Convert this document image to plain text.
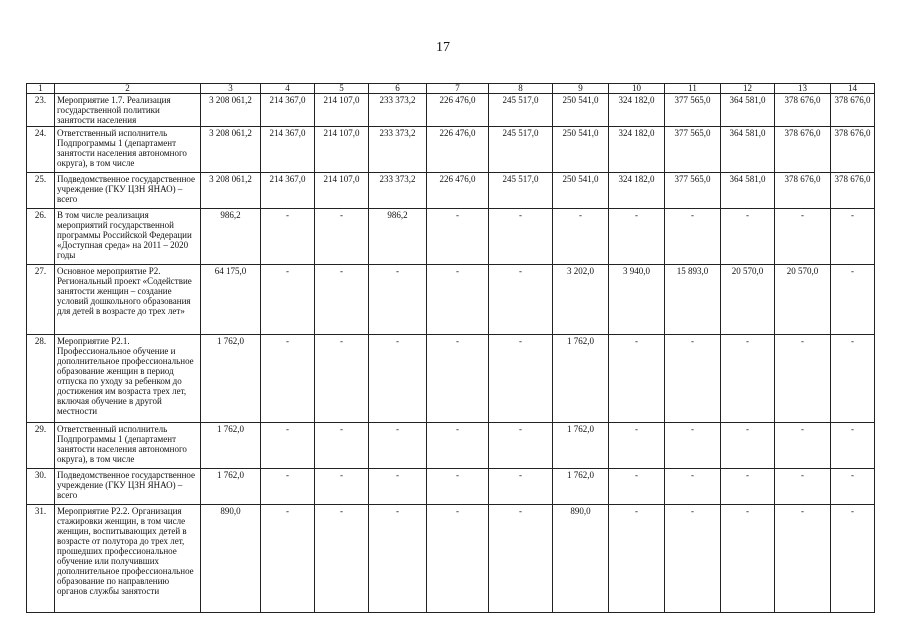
17
1	2	3	4	5	6	7	8	9	10	11	12	13	14
23.	Мероприятие 1.7. Реализация государственной политики занятости населения	3 208 061,2	214 367,0	214 107,0	233 373,2	226 476,0	245 517,0	250 541,0	324 182,0	377 565,0	364 581,0	378 676,0	378 676,0
24.	Ответственный исполнитель Подпрограммы 1 (департамент занятости населения автономного округа), в том числе	3 208 061,2	214 367,0	214 107,0	233 373,2	226 476,0	245 517,0	250 541,0	324 182,0	377 565,0	364 581,0	378 676,0	378 676,0
25.	Подведомственное государственное учреждение (ГКУ ЦЗН ЯНАО) – всего	3 208 061,2	214 367,0	214 107,0	233 373,2	226 476,0	245 517,0	250 541,0	324 182,0	377 565,0	364 581,0	378 676,0	378 676,0
26.	В том числе реализация мероприятий государственной программы Российской Федерации «Доступная среда» на 2011 – 2020 годы	986,2	-	-	986,2	-	-	-	-	-	-	-	-
27.	Основное мероприятие Р2. Региональный проект «Содействие занятости женщин – создание условий дошкольного образования для детей в возрасте до трех лет»	64 175,0	-	-	-	-	-	3 202,0	3 940,0	15 893,0	20 570,0	20 570,0	-
28.	Мероприятие Р2.1. Профессиональное обучение и дополнительное профессиональное образование женщин в период отпуска по уходу за ребенком до достижения им возраста трех лет, включая обучение в другой местности	1 762,0	-	-	-	-	-	1 762,0	-	-	-	-	-
29.	Ответственный исполнитель Подпрограммы 1 (департамент занятости населения автономного округа), в том числе	1 762,0	-	-	-	-	-	1 762,0	-	-	-	-	-
30.	Подведомственное государственное учреждение (ГКУ ЦЗН ЯНАО) – всего	1 762,0	-	-	-	-	-	1 762,0	-	-	-	-	-
31.	Мероприятие Р2.2. Организация стажировки женщин, в том числе женщин, воспитывающих детей в возрасте от полутора до трех лет, прошедших профессиональное обучение или получивших дополнительное профессиональное образование по направлению органов службы занятости	890,0	-	-	-	-	-	890,0	-	-	-	-	-
